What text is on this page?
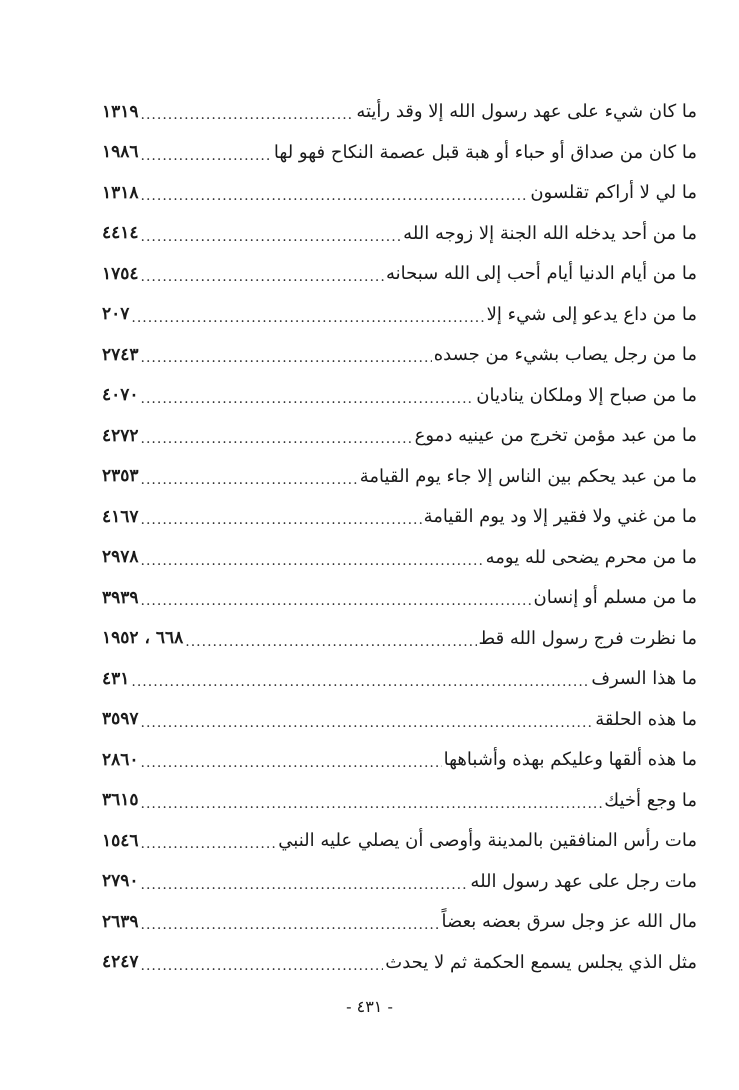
ما كان شيء على عهد رسول الله إلا وقد رأيته
.....
١٣١٩
ما كان من صداق أو حباء أو هبة قبل عصمة النكاح فهو لها
.....
١٩٨٦
ما لي لا أراكم تقلسون
.....
١٣١٨
ما من أحد يدخله الله الجنة إلا زوجه الله
.....
٤٤١٤
ما من أيام الدنيا أيام أحب إلى الله سبحانه
.....
١٧٥٤
ما من داع يدعو إلى شيء إلا
.....
٢٠٧
ما من رجل يصاب بشيء من جسده
.....
٢٧٤٣
ما من صباح إلا وملكان يناديان
.....
٤٠٧٠
ما من عبد مؤمن تخرج من عينيه دموع
.....
٤٢٧٢
ما من عبد يحكم بين الناس إلا جاء يوم القيامة
.....
٢٣٥٣
ما من غني ولا فقير إلا ود يوم القيامة
.....
٤١٦٧
ما من محرم يضحى لله يومه
.....
٢٩٧٨
ما من مسلم أو إنسان
.....
٣٩٣٩
ما نظرت فرج رسول الله قط
.....
٦٦٨ ، ١٩٥٢
ما هذا السرف
.....
٤٣١
ما هذه الحلقة
.....
٣٥٩٧
ما هذه ألقها وعليكم بهذه وأشباهها
.....
٢٨٦٠
ما وجع أخيك
.....
٣٦١٥
مات رأس المنافقين بالمدينة وأوصى أن يصلي عليه النبي
.....
١٥٤٦
مات رجل على عهد رسول الله
.....
٢٧٩٠
مال الله عز وجل سرق بعضه بعضاً
.....
٢٦٣٩
مثل الذي يجلس يسمع الحكمة ثم لا يحدث
.....
٤٢٤٧
- ٤٣١ -
